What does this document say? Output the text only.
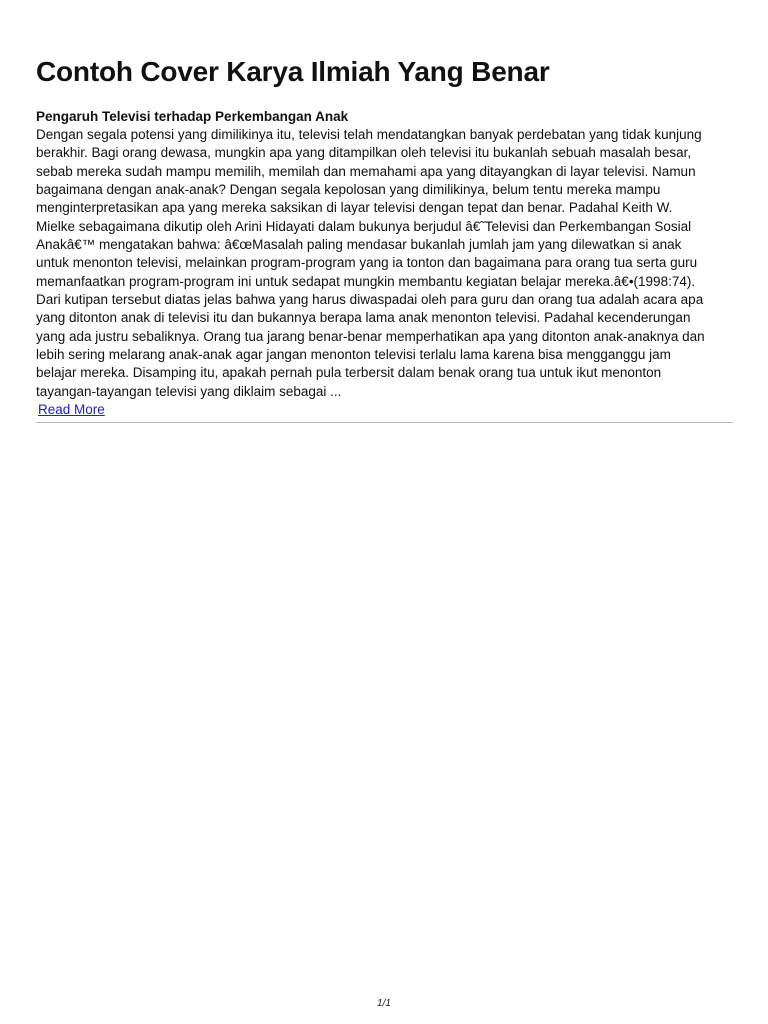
Contoh Cover Karya Ilmiah Yang Benar
Pengaruh Televisi terhadap Perkembangan Anak

Dengan segala potensi yang dimilikinya itu, televisi telah mendatangkan banyak perdebatan yang tidak kunjung
berakhir. Bagi orang dewasa, mungkin apa yang ditampilkan oleh televisi itu bukanlah sebuah masalah besar,
sebab mereka sudah mampu memilih, memilah dan memahami apa yang ditayangkan di layar televisi. Namun
bagaimana dengan anak-anak? Dengan segala kepolosan yang dimilikinya, belum tentu mereka mampu
menginterpretasikan apa yang mereka saksikan di layar televisi dengan tepat dan benar. Padahal Keith W.
Mielke sebagaimana dikutip oleh Arini Hidayati dalam bukunya berjudul â€˜Televisi dan Perkembangan Sosial
Anakâ€™ mengatakan bahwa: â€œMasalah paling mendasar bukanlah jumlah jam yang dilewatkan si anak
untuk menonton televisi, melainkan program-program yang ia tonton dan bagaimana para orang tua serta guru
memanfaatkan program-program ini untuk sedapat mungkin membantu kegiatan belajar mereka.â€•(1998:74).
Dari kutipan tersebut diatas jelas bahwa yang harus diwaspadai oleh para guru dan orang tua adalah acara apa
yang ditonton anak di televisi itu dan bukannya berapa lama anak menonton televisi. Padahal kecenderungan
yang ada justru sebaliknya. Orang tua jarang benar-benar memperhatikan apa yang ditonton anak-anaknya dan
lebih sering melarang anak-anak agar jangan menonton televisi terlalu lama karena bisa mengganggu jam
belajar mereka. Disamping itu, apakah pernah pula terbersit dalam benak orang tua untuk ikut menonton
tayangan-tayangan televisi yang diklaim sebagai ...

Read More
1/1
